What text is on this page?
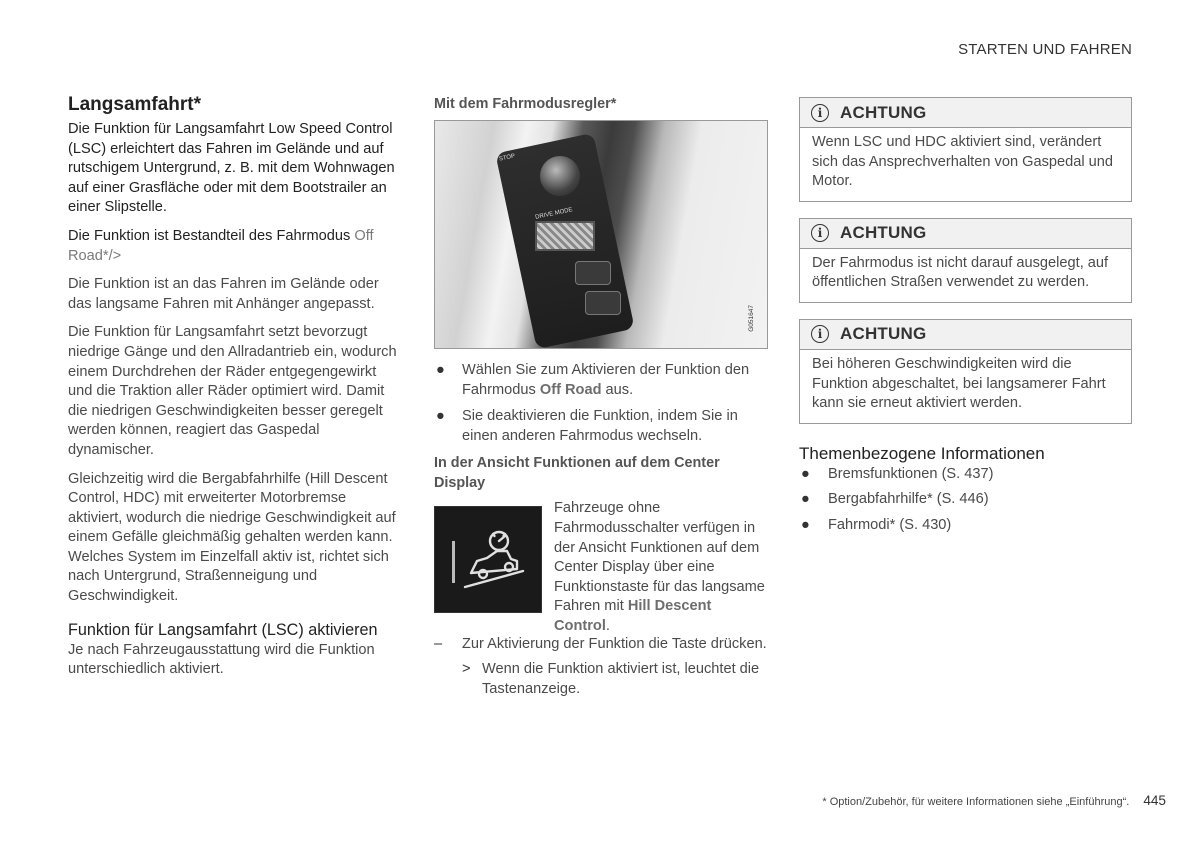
STARTEN UND FAHREN
Langsamfahrt*

Die Funktion für Langsamfahrt Low Speed Control (LSC) erleichtert das Fahren im Gelände und auf rutschigem Untergrund, z. B. mit dem Wohnwagen auf einer Grasfläche oder mit dem Bootstrailer an einer Slipstelle.

Die Funktion ist Bestandteil des Fahrmodus Off Road*/>

Die Funktion ist an das Fahren im Gelände oder das langsame Fahren mit Anhänger angepasst.

Die Funktion für Langsamfahrt setzt bevorzugt niedrige Gänge und den Allradantrieb ein, wodurch einem Durchdrehen der Räder entgegengewirkt und die Traktion aller Räder optimiert wird. Damit die niedrigen Geschwindigkeiten besser geregelt werden können, reagiert das Gaspedal dynamischer.

Gleichzeitig wird die Bergabfahrhilfe (Hill Descent Control, HDC) mit erweiterter Motorbremse aktiviert, wodurch die niedrige Geschwindigkeit auf einem Gefälle gleichmäßig gehalten werden kann. Welches System im Einzelfall aktiv ist, richtet sich nach Untergrund, Straßenneigung und Geschwindigkeit.

Funktion für Langsamfahrt (LSC) aktivieren

Je nach Fahrzeugausstattung wird die Funktion unterschiedlich aktiviert.

Mit dem Fahrmodusregler*
STOP
DRIVE MODE
G051647
● Wählen Sie zum Aktivieren der Funktion den Fahrmodus Off Road aus.
● Sie deaktivieren die Funktion, indem Sie in einen anderen Fahrmodus wechseln.
In der Ansicht Funktionen auf dem Center Display
Fahrzeuge ohne Fahrmodusschalter verfügen in der Ansicht Funktionen auf dem Center Display über eine Funktionstaste für das langsame Fahren mit Hill Descent Control.
– Zur Aktivierung der Funktion die Taste drücken.
> Wenn die Funktion aktiviert ist, leuchtet die Tastenanzeige.
i	ACHTUNG
Wenn LSC und HDC aktiviert sind, verändert sich das Ansprechverhalten von Gaspedal und Motor.
i	ACHTUNG
Der Fahrmodus ist nicht darauf ausgelegt, auf öffentlichen Straßen verwendet zu werden.
i	ACHTUNG
Bei höheren Geschwindigkeiten wird die Funktion abgeschaltet, bei langsamerer Fahrt kann sie erneut aktiviert werden.
Themenbezogene Informationen
● Bremsfunktionen (S. 437)
● Bergabfahrhilfe* (S. 446)
● Fahrmodi* (S. 430)
* Option/Zubehör, für weitere Informationen siehe „Einführung“. 445
